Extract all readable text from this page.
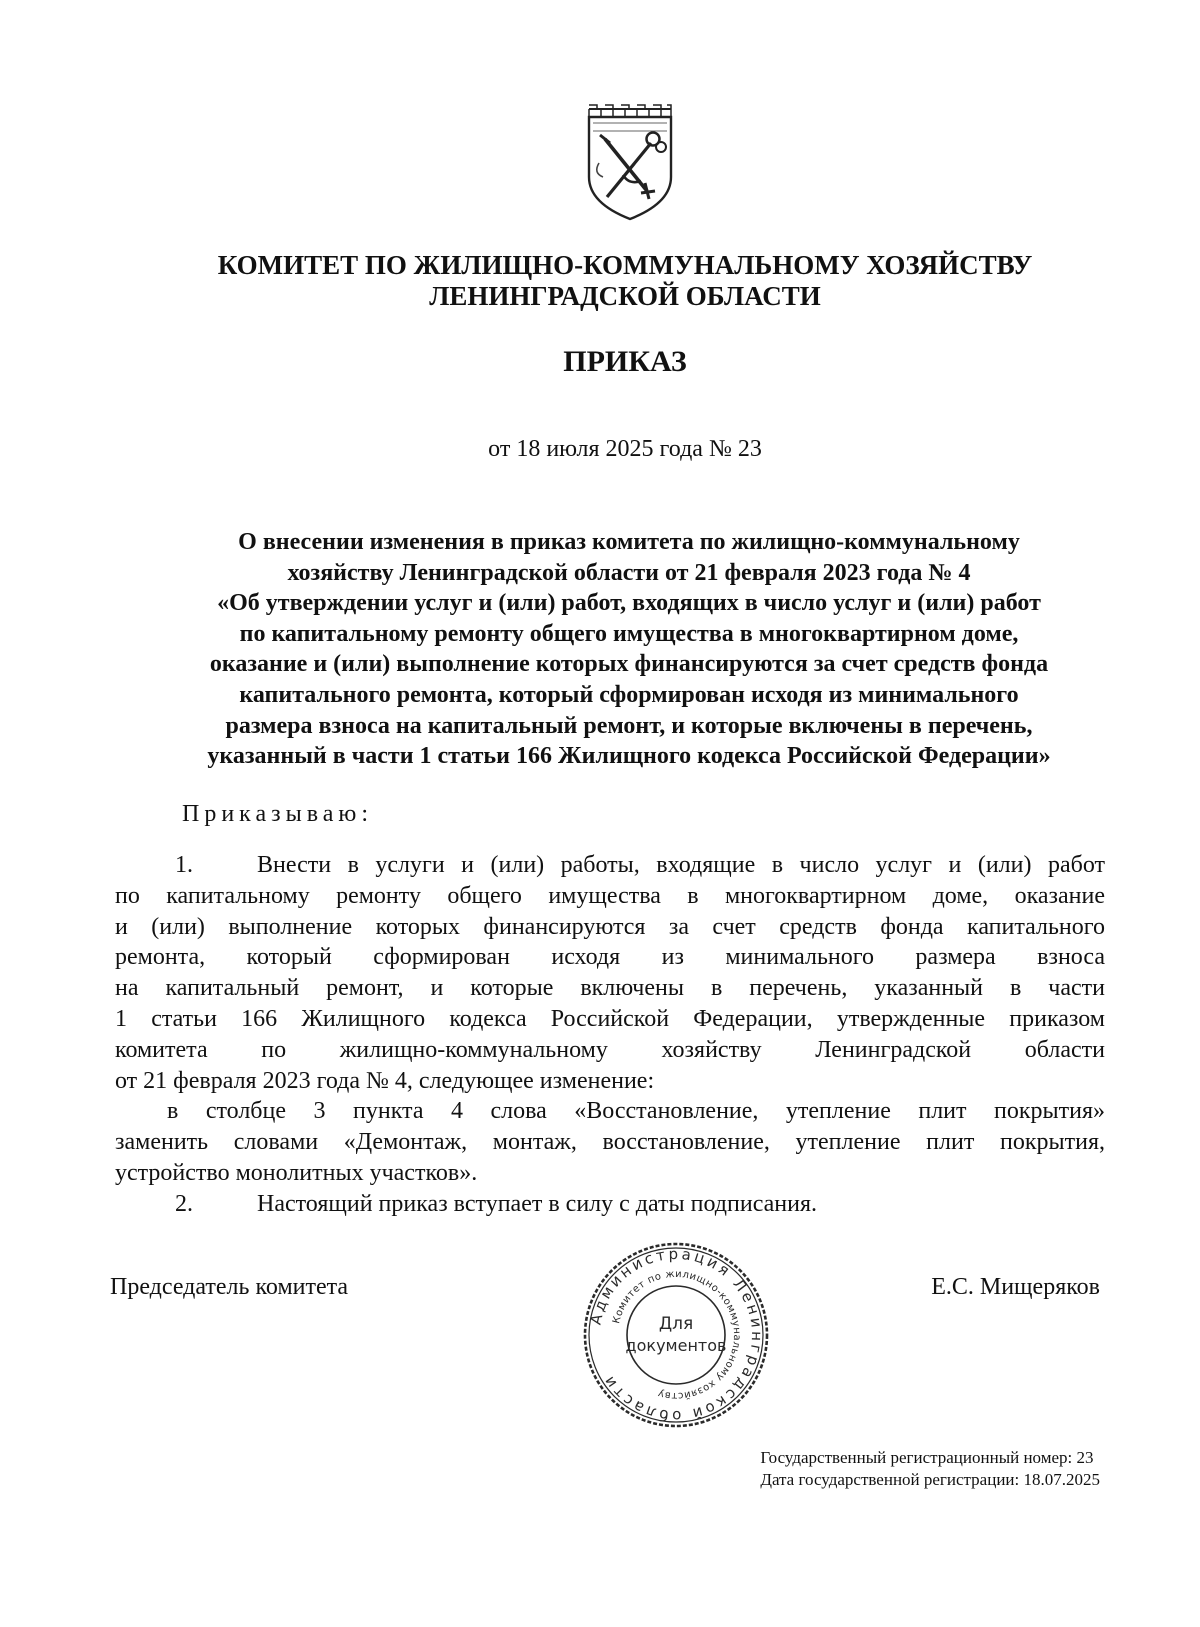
КОМИТЕТ ПО ЖИЛИЩНО-КОММУНАЛЬНОМУ ХОЗЯЙСТВУ
ЛЕНИНГРАДСКОЙ ОБЛАСТИ
ПРИКАЗ
от 18 июля 2025 года № 23
О внесении изменения в приказ комитета по жилищно-коммунальному
хозяйству Ленинградской области от 21 февраля 2023 года № 4
«Об утверждении услуг и (или) работ, входящих в число услуг и (или) работ
по капитальному ремонту общего имущества в многоквартирном доме,
оказание и (или) выполнение которых финансируются за счет средств фонда
капитального ремонта, который сформирован исходя из минимального
размера взноса на капитальный ремонт, и которые включены в перечень,
указанный в части 1 статьи 166 Жилищного кодекса Российской Федерации»
Приказываю:
1.	Внести в услуги и (или) работы, входящие в число услуг и (или) работ
по капитальному ремонту общего имущества в многоквартирном доме, оказание
и (или) выполнение которых финансируются за счет средств фонда капитального
ремонта, который сформирован исходя из минимального размера взноса
на капитальный ремонт, и которые включены в перечень, указанный в части
1 статьи 166 Жилищного кодекса Российской Федерации, утвержденные приказом
комитета по жилищно-коммунальному хозяйству Ленинградской области
от 21 февраля 2023 года № 4, следующее изменение:
в столбце 3 пункта 4 слова «Восстановление, утепление плит покрытия»
заменить словами «Демонтаж, монтаж, восстановление, утепление плит покрытия,
устройство монолитных участков».
2.	Настоящий приказ вступает в силу с даты подписания.
Председатель комитета	Е.С. Мищеряков
Администрация Ленинградской области
Комитет по жилищно-коммунальному хозяйству
Для
документов
Государственный регистрационный номер: 23
Дата государственной регистрации: 18.07.2025
